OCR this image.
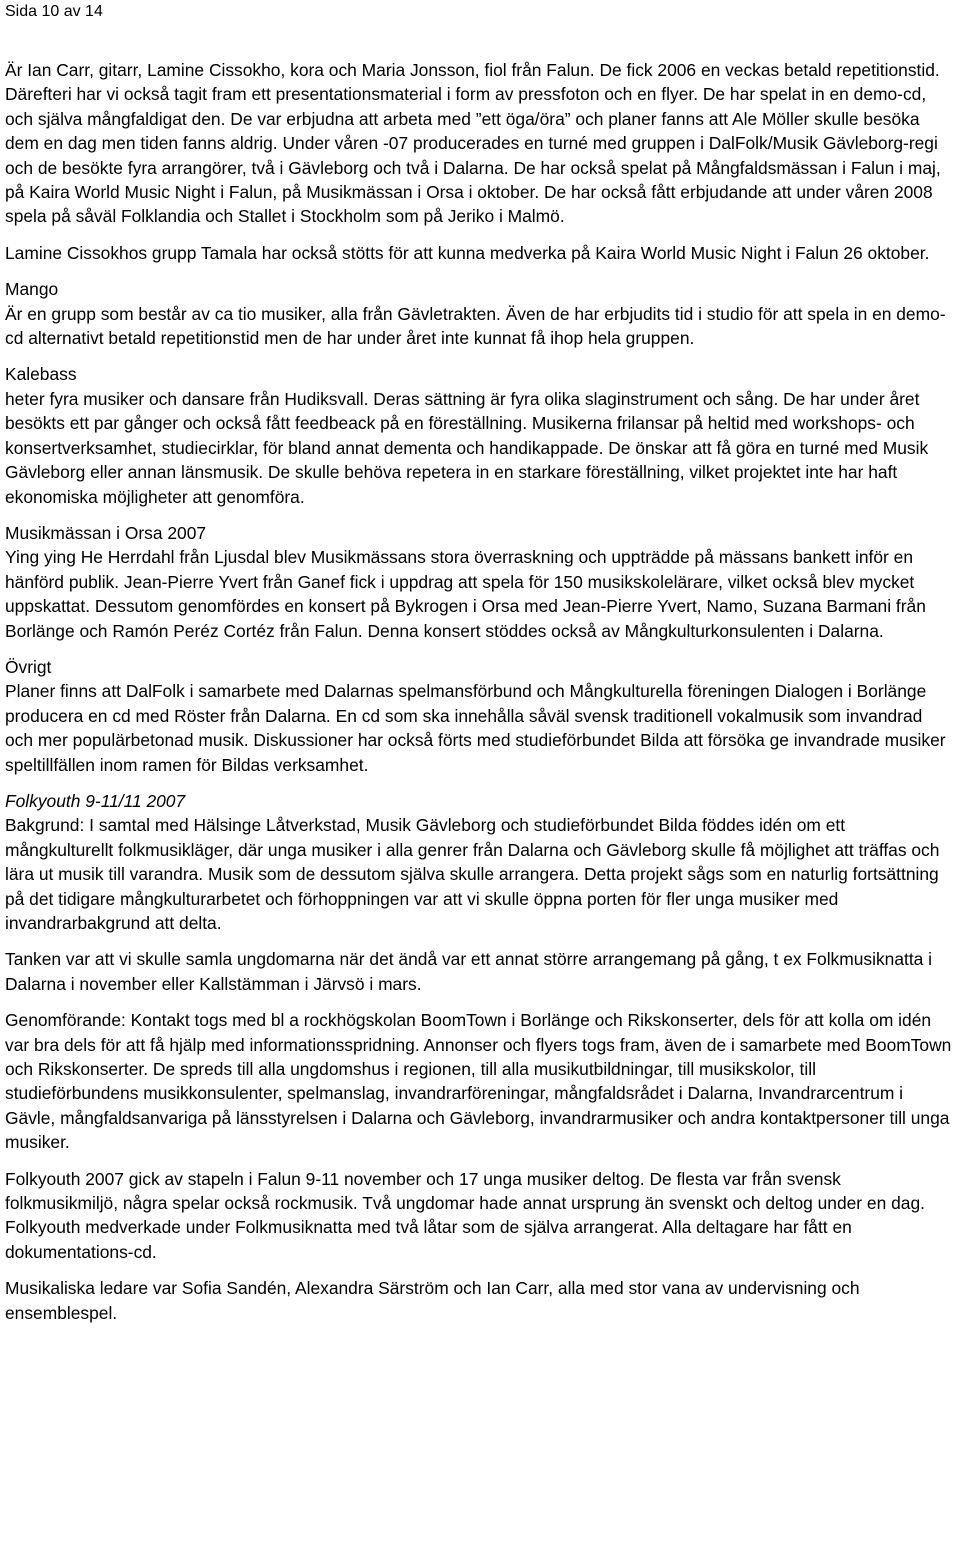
Sida 10 av 14

Är Ian Carr, gitarr, Lamine Cissokho, kora och Maria Jonsson, fiol från Falun. De fick 2006 en veckas betald repetitionstid. Därefteri har vi också tagit fram ett presentationsmaterial i form av pressfoton och en flyer. De har spelat in en demo-cd, och själva mångfaldigat den. De var erbjudna att arbeta med ”ett öga/öra” och planer fanns att Ale Möller skulle besöka dem en dag men tiden fanns aldrig. Under våren -07 producerades en turné med gruppen i DalFolk/Musik Gävleborg-regi och de besökte fyra arrangörer, två i Gävleborg och två i Dalarna. De har också spelat på Mångfaldsmässan i Falun i maj, på Kaira World Music Night i Falun, på Musikmässan i Orsa i oktober. De har också fått erbjudande att under våren 2008 spela på såväl Folklandia och Stallet i Stockholm som på Jeriko i Malmö.

Lamine Cissokhos grupp Tamala har också stötts för att kunna medverka på Kaira World Music Night i Falun 26 oktober.

Mango
Är en grupp som består av ca tio musiker, alla från Gävletrakten. Även de har erbjudits tid i studio för att spela in en demo-cd alternativt betald repetitionstid men de har under året inte kunnat få ihop hela gruppen.
Kalebass
heter fyra musiker och dansare från Hudiksvall. Deras sättning är fyra olika slaginstrument och sång. De har under året besökts ett par gånger och också fått feedbeack på en föreställning. Musikerna frilansar på heltid med workshops- och konsertverksamhet, studiecirklar, för bland annat dementa och handikappade. De önskar att få göra en turné med Musik Gävleborg eller annan länsmusik. De skulle behöva repetera in en starkare föreställning, vilket projektet inte har haft ekonomiska möjligheter att genomföra.
Musikmässan i Orsa 2007
Ying ying He Herrdahl från Ljusdal blev Musikmässans stora överraskning och uppträdde på mässans bankett inför en hänförd publik. Jean-Pierre Yvert från Ganef fick i uppdrag att spela för 150 musikskolelärare, vilket också blev mycket uppskattat. Dessutom genomfördes en konsert på Bykrogen i Orsa med Jean-Pierre Yvert, Namo, Suzana Barmani från Borlänge och Ramón Peréz Cortéz från Falun. Denna konsert stöddes också av Mångkulturkonsulenten i Dalarna.
Övrigt
Planer finns att DalFolk i samarbete med Dalarnas spelmansförbund och Mångkulturella föreningen Dialogen i Borlänge producera en cd med Röster från Dalarna. En cd som ska innehålla såväl svensk traditionell vokalmusik som invandrad och mer populärbetonad musik. Diskussioner har också förts med studieförbundet Bilda att försöka ge invandrade musiker speltillfällen inom ramen för Bildas verksamhet.
Folkyouth 9-11/11 2007

Bakgrund: I samtal med Hälsinge Låtverkstad, Musik Gävleborg och studieförbundet Bilda föddes idén om ett mångkulturellt folkmusikläger, där unga musiker i alla genrer från Dalarna och Gävleborg skulle få möjlighet att träffas och lära ut musik till varandra. Musik som de dessutom själva skulle arrangera. Detta projekt sågs som en naturlig fortsättning på det tidigare mångkulturarbetet och förhoppningen var att vi skulle öppna porten för fler unga musiker med invandrarbakgrund att delta.

Tanken var att vi skulle samla ungdomarna när det ändå var ett annat större arrangemang på gång, t ex Folkmusiknatta i Dalarna i november eller Kallstämman i Järvsö i mars.

Genomförande: Kontakt togs med bl a rockhögskolan BoomTown i Borlänge och Rikskonserter, dels för att kolla om idén var bra dels för att få hjälp med informationsspridning. Annonser och flyers togs fram, även de i samarbete med BoomTown och Rikskonserter. De spreds till alla ungdomshus i regionen, till alla musikutbildningar, till musikskolor, till studieförbundens musikkonsulenter, spelmanslag, invandrarföreningar, mångfaldsrådet i Dalarna, Invandrarcentrum i Gävle, mångfaldsanvariga på länsstyrelsen i Dalarna och Gävleborg, invandrarmusiker och andra kontaktpersoner till unga musiker.

Folkyouth 2007 gick av stapeln i Falun 9-11 november och 17 unga musiker deltog. De flesta var från svensk folkmusikmiljö, några spelar också rockmusik. Två ungdomar hade annat ursprung än svenskt och deltog under en dag. Folkyouth medverkade under Folkmusiknatta med två låtar som de själva arrangerat. Alla deltagare har fått en dokumentations-cd.

Musikaliska ledare var Sofia Sandén, Alexandra Särström och Ian Carr, alla med stor vana av undervisning och ensemblespel.
